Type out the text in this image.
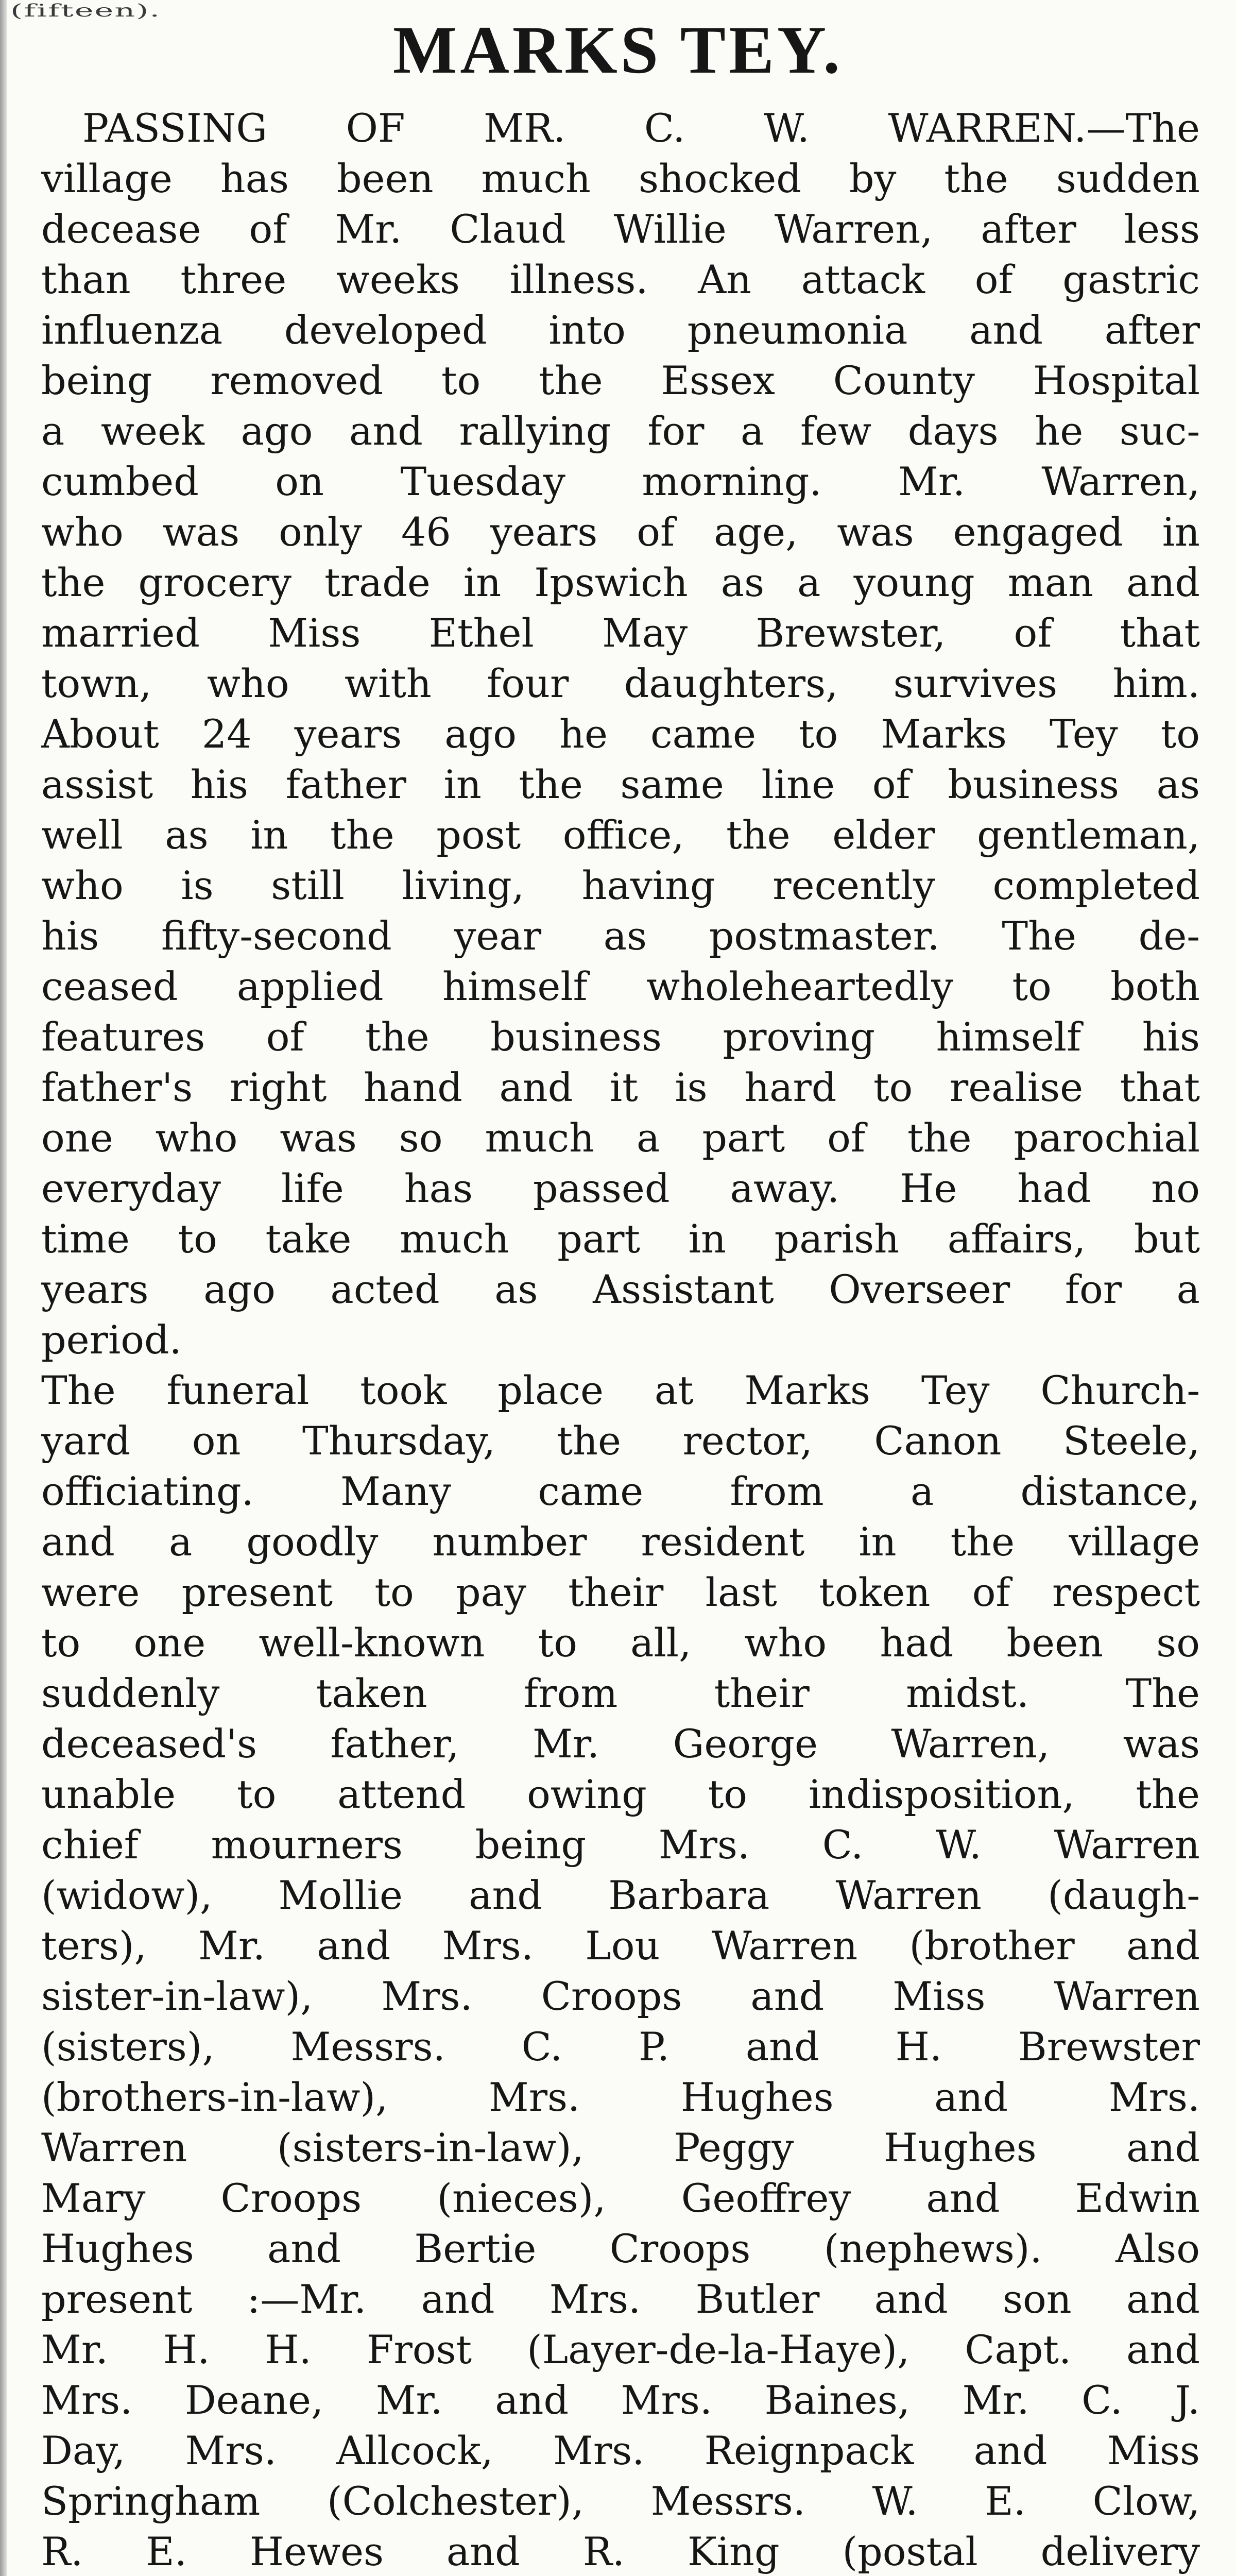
(fifteen).
MARKS TEY.
PASSING OF MR. C. W. WARREN.—The
village has been much shocked by the sudden
decease of Mr. Claud Willie Warren, after less
than three weeks illness. An attack of gastric
influenza developed into pneumonia and after
being removed to the Essex County Hospital
a week ago and rallying for a few days he suc-
cumbed on Tuesday morning. Mr. Warren,
who was only 46 years of age, was engaged in
the grocery trade in Ipswich as a young man and
married Miss Ethel May Brewster, of that
town, who with four daughters, survives him.
About 24 years ago he came to Marks Tey to
assist his father in the same line of business as
well as in the post office, the elder gentleman,
who is still living, having recently completed
his fifty-second year as postmaster. The de-
ceased applied himself wholeheartedly to both
features of the business proving himself his
father's right hand and it is hard to realise that
one who was so much a part of the parochial
everyday life has passed away. He had no
time to take much part in parish affairs, but
years ago acted as Assistant Overseer for a
period.
The funeral took place at Marks Tey Church-
yard on Thursday, the rector, Canon Steele,
officiating. Many came from a distance,
and a goodly number resident in the village
were present to pay their last token of respect
to one well-known to all, who had been so
suddenly taken from their midst. The
deceased's father, Mr. George Warren, was
unable to attend owing to indisposition, the
chief mourners being Mrs. C. W. Warren
(widow), Mollie and Barbara Warren (daugh-
ters), Mr. and Mrs. Lou Warren (brother and
sister-in-law), Mrs. Croops and Miss Warren
(sisters), Messrs. C. P. and H. Brewster
(brothers-in-law), Mrs. Hughes and Mrs.
Warren (sisters-in-law), Peggy Hughes and
Mary Croops (nieces), Geoffrey and Edwin
Hughes and Bertie Croops (nephews). Also
present :—Mr. and Mrs. Butler and son and
Mr. H. H. Frost (Layer-de-la-Haye), Capt. and
Mrs. Deane, Mr. and Mrs. Baines, Mr. C. J.
Day, Mrs. Allcock, Mrs. Reignpack and Miss
Springham (Colchester), Messrs. W. E. Clow,
R. E. Hewes and R. King (postal delivery
